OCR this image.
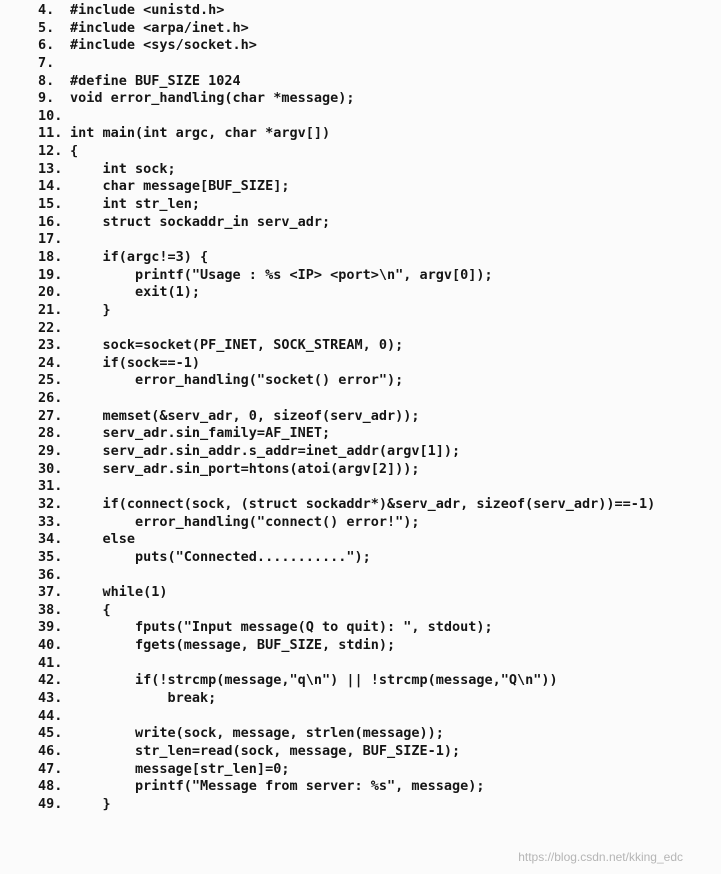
4.	#include <unistd.h>
5.	#include <arpa/inet.h>
6.	#include <sys/socket.h>
7.
8.	#define BUF_SIZE 1024
9.	void error_handling(char *message);
10.
11. int main(int argc, char *argv[])
12. {
13. int sock;
14. char message[BUF_SIZE];
15. int str_len;
16. struct sockaddr_in serv_adr;
17.
18. if(argc!=3) {
19. printf("Usage : %s <IP> <port>\n", argv[0]);
20. exit(1);
21. }
22.
23. sock=socket(PF_INET, SOCK_STREAM, 0);
24. if(sock==-1)
25. error_handling("socket() error");
26.
27. memset(&serv_adr, 0, sizeof(serv_adr));
28. serv_adr.sin_family=AF_INET;
29. serv_adr.sin_addr.s_addr=inet_addr(argv[1]);
30. serv_adr.sin_port=htons(atoi(argv[2]));
31.
32. if(connect(sock, (struct sockaddr*)&serv_adr, sizeof(serv_adr))==-1)
33. error_handling("connect() error!");
34. else
35. puts("Connected...........");
36.
37. while(1)
38. {
39. fputs("Input message(Q to quit): ", stdout);
40. fgets(message, BUF_SIZE, stdin);
41.
42. if(!strcmp(message,"q\n") || !strcmp(message,"Q\n"))
43. break;
44.
45. write(sock, message, strlen(message));
46. str_len=read(sock, message, BUF_SIZE-1);
47. message[str_len]=0;
48. printf("Message from server: %s", message);
49. }
https://blog.csdn.net/kking_edc
